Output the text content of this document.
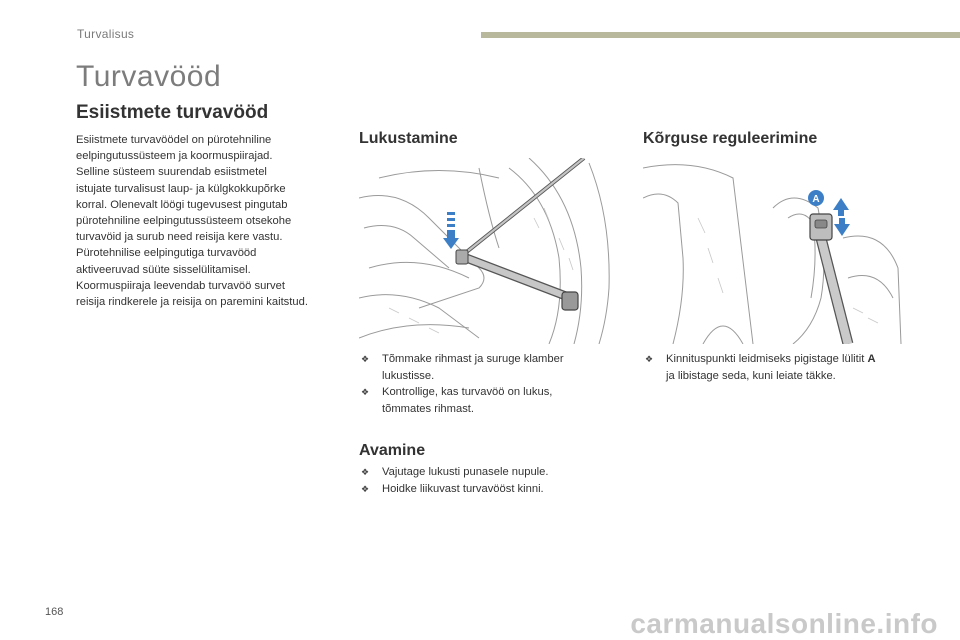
Turvalisus
Turvavööd
Esiistmete turvavööd

Esiistmete turvavöödel on pürotehniline

eelpingutussüsteem ja koormuspiirajad.

Selline süsteem suurendab esiistmetel

istujate turvalisust laup- ja külgkokkupõrke

korral. Olenevalt löögi tugevusest pingutab

pürotehniline eelpingutussüsteem otsekohe

turvavöid ja surub need reisija kere vastu.

Pürotehnilise eelpingutiga turvavööd

aktiveeruvad süüte sisselülitamisel.

Koormuspiiraja leevendab turvavöö survet

reisija rindkerele ja reisija on paremini kaitstud.

Lukustamine
❖ Tõmmake rihmast ja suruge klamber
lukustisse.
❖ Kontrollige, kas turvavöö on lukus,
tõmmates rihmast.
Avamine
❖ Vajutage lukusti punasele nupule.
❖ Hoidke liikuvast turvavööst kinni.
Kõrguse reguleerimine
A
❖ Kinnituspunkti leidmiseks pigistage lülitit A
ja libistage seda, kuni leiate täkke.
168	carmanualsonline.info
